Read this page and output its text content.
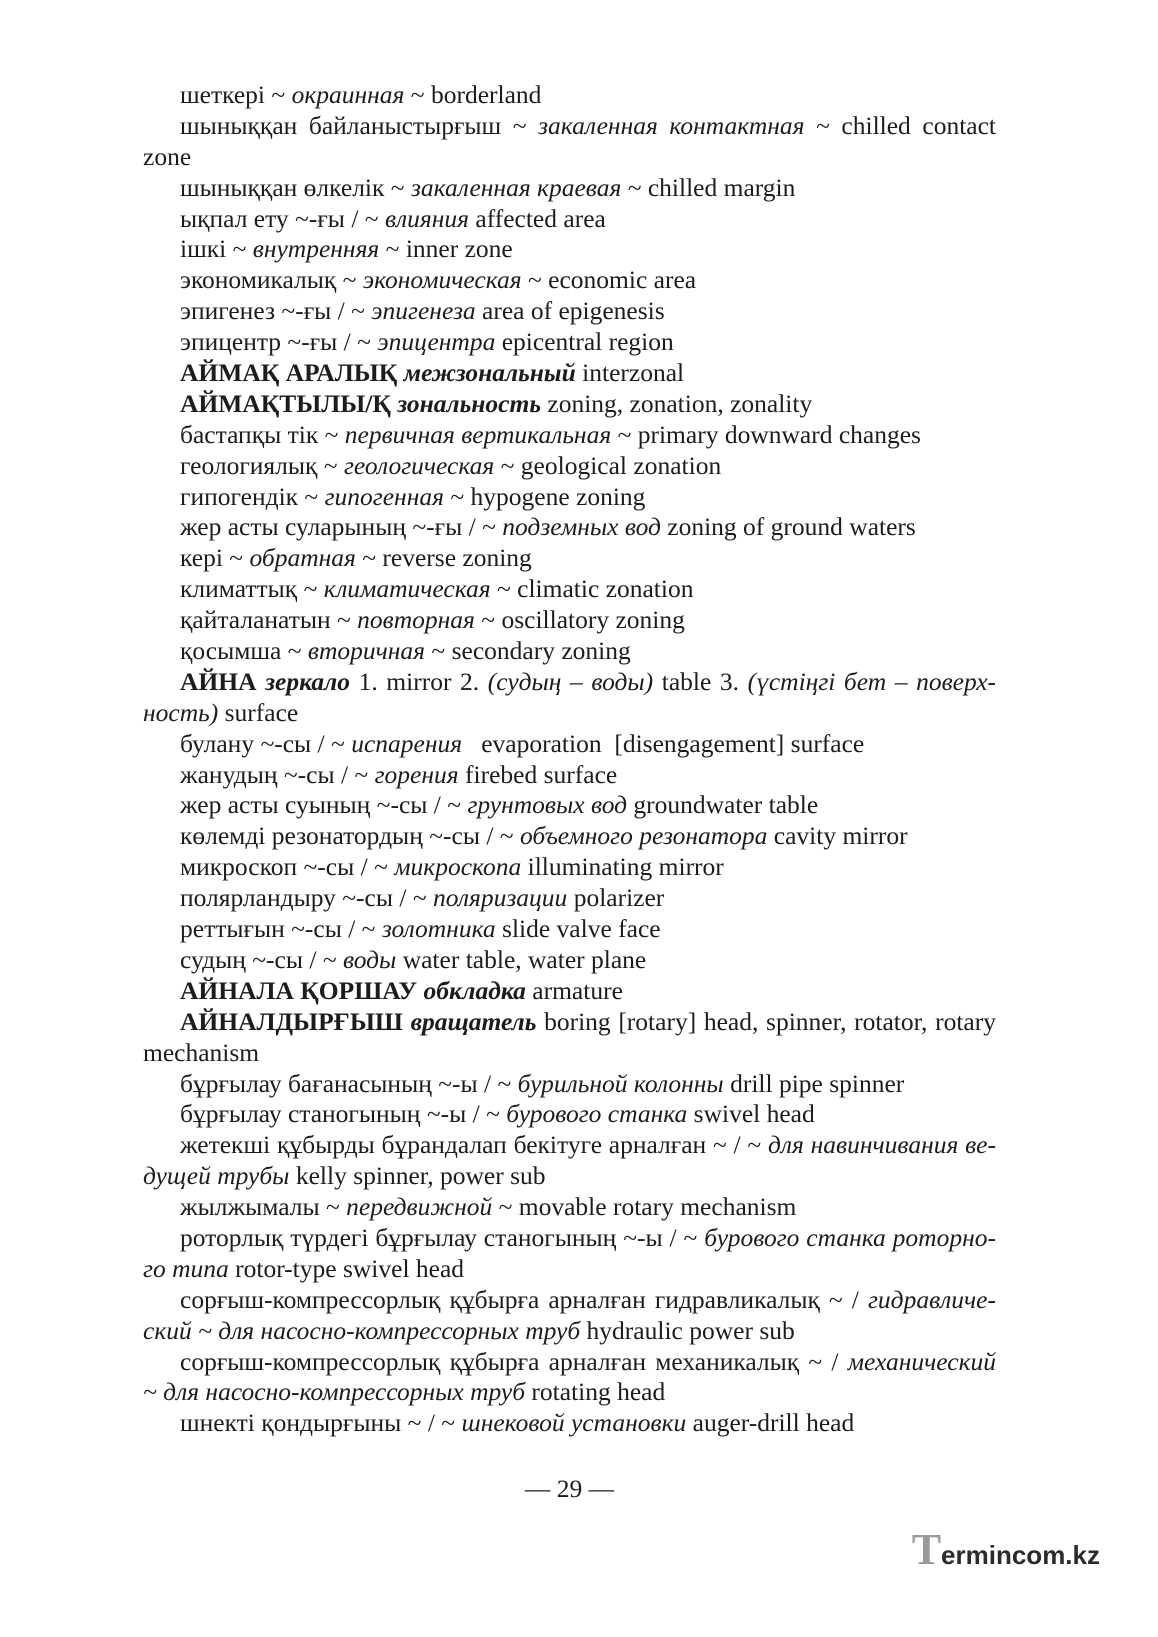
шеткері ~ окраинная ~ borderland
шыныққан байланыстырғыш ~ закаленная контактная ~ chilled contact
zone
шыныққан өлкелік ~ закаленная краевая ~ chilled margin
ықпал ету ~-ғы / ~ влияния affected area
ішкі ~ внутренняя ~ inner zone
экономикалық ~ экономическая ~ economic area
эпигенез ~-ғы / ~ эпигенеза area of epigenesis
эпицентр ~-ғы / ~ эпицентра epicentral region
АЙМАҚ АРАЛЫҚ межзональный interzonal
АЙМАҚТЫЛЫ/Қ зональность zoning, zonation, zonality
бастапқы тік ~ первичная вертикальная ~ primary downward changes
геологиялық ~ геологическая ~ geological zonation
гипогендік ~ гипогенная ~ hypogene zoning
жер асты суларының ~-ғы / ~ подземных вод zoning of ground waters
кері ~ обратная ~ reverse zoning
климаттық ~ климатическая ~ climatic zonation
қайталанатын ~ повторная ~ oscillatory zoning
қосымша ~ вторичная ~ secondary zoning
АЙНА зеркало 1. mirror 2. (судың – воды) table 3. (үстіңгі бет – поверх-
ность) surface
булану ~-сы / ~ испарения   evaporation  [disengagement] surface
жанудың ~-сы / ~ горения firebed surface
жер асты суының ~-сы / ~ грунтовых вод groundwater table
көлемді резонатордың ~-сы / ~ объемного резонатора cavity mirror
микроскоп ~-сы / ~ микроскопа illuminating mirror
полярландыру ~-сы / ~ поляризации polarizer
реттығын ~-сы / ~ золотника slide valve face
судың ~-сы / ~ воды water table, water plane
АЙНАЛА ҚОРШАУ обкладка armature
АЙНАЛДЫРҒЫШ вращатель boring [rotary] head, spinner, rotator, rotary
mechanism
бұрғылау бағанасының ~-ы / ~ бурильной колонны drill pipe spinner
бұрғылау станогының ~-ы / ~ бурового станка swivel head
жетекші құбырды бұрандалап бекітуге арналған ~ / ~ для навинчивания ве-
дущей трубы kelly spinner, power sub
жылжымалы ~ передвижной ~ movable rotary mechanism
роторлық түрдегі бұрғылау станогының ~-ы / ~ бурового станка роторно-
го типа rotor-type swivel head
сорғыш-компрессорлық құбырға арналған гидравликалық ~ / гидравличе-
ский ~ для насосно-компрессорных труб hydraulic power sub
сорғыш-компрессорлық құбырға арналған механикалық ~ / механический
~ для насосно-компрессорных труб rotating head
шнекті қондырғыны ~ / ~ шнековой установки auger-drill head
— 29 —
Termincom.kz
